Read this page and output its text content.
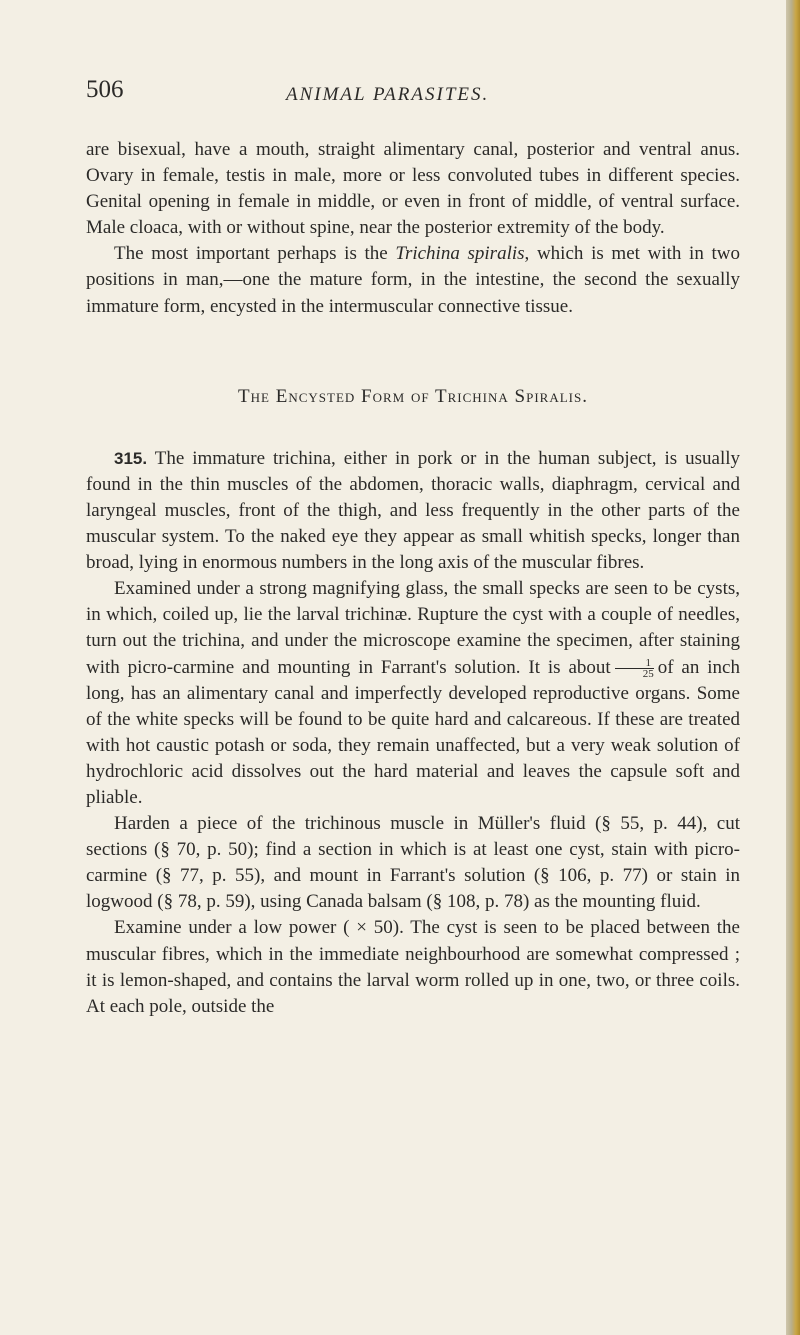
506	ANIMAL PARASITES.

are bisexual, have a mouth, straight alimentary canal, posterior and ventral anus. Ovary in female, testis in male, more or less convoluted tubes in different species. Genital opening in female in middle, or even in front of middle, of ventral surface. Male cloaca, with or without spine, near the posterior extremity of the body.

The most important perhaps is the Trichina spiralis, which is met with in two positions in man,—one the mature form, in the intestine, the second the sexually immature form, encysted in the intermuscular connective tissue.

The Encysted Form of Trichina Spiralis.

315. The immature trichina, either in pork or in the human subject, is usually found in the thin muscles of the abdomen, thoracic walls, diaphragm, cervical and laryngeal muscles, front of the thigh, and less frequently in the other parts of the muscular system. To the naked eye they appear as small whitish specks, longer than broad, lying in enormous numbers in the long axis of the muscular fibres.

Examined under a strong magnifying glass, the small specks are seen to be cysts, in which, coiled up, lie the larval trichinæ. Rupture the cyst with a couple of needles, turn out the trichina, and under the microscope examine the specimen, after staining with picro-carmine and mounting in Farrant's solution. It is about $\frac{1}{25}$ of an inch long, has an alimentary canal and imperfectly developed reproductive organs. Some of the white specks will be found to be quite hard and calcareous. If these are treated with hot caustic potash or soda, they remain unaffected, but a very weak solution of hydrochloric acid dissolves out the hard material and leaves the capsule soft and pliable.

Harden a piece of the trichinous muscle in Müller's fluid (§ 55, p. 44), cut sections (§ 70, p. 50); find a section in which is at least one cyst, stain with picro-carmine (§ 77, p. 55), and mount in Farrant's solution (§ 106, p. 77) or stain in logwood (§ 78, p. 59), using Canada balsam (§ 108, p. 78) as the mounting fluid.

Examine under a low power ( × 50). The cyst is seen to be placed between the muscular fibres, which in the immediate neighbourhood are somewhat compressed ; it is lemon-shaped, and contains the larval worm rolled up in one, two, or three coils. At each pole, outside the
